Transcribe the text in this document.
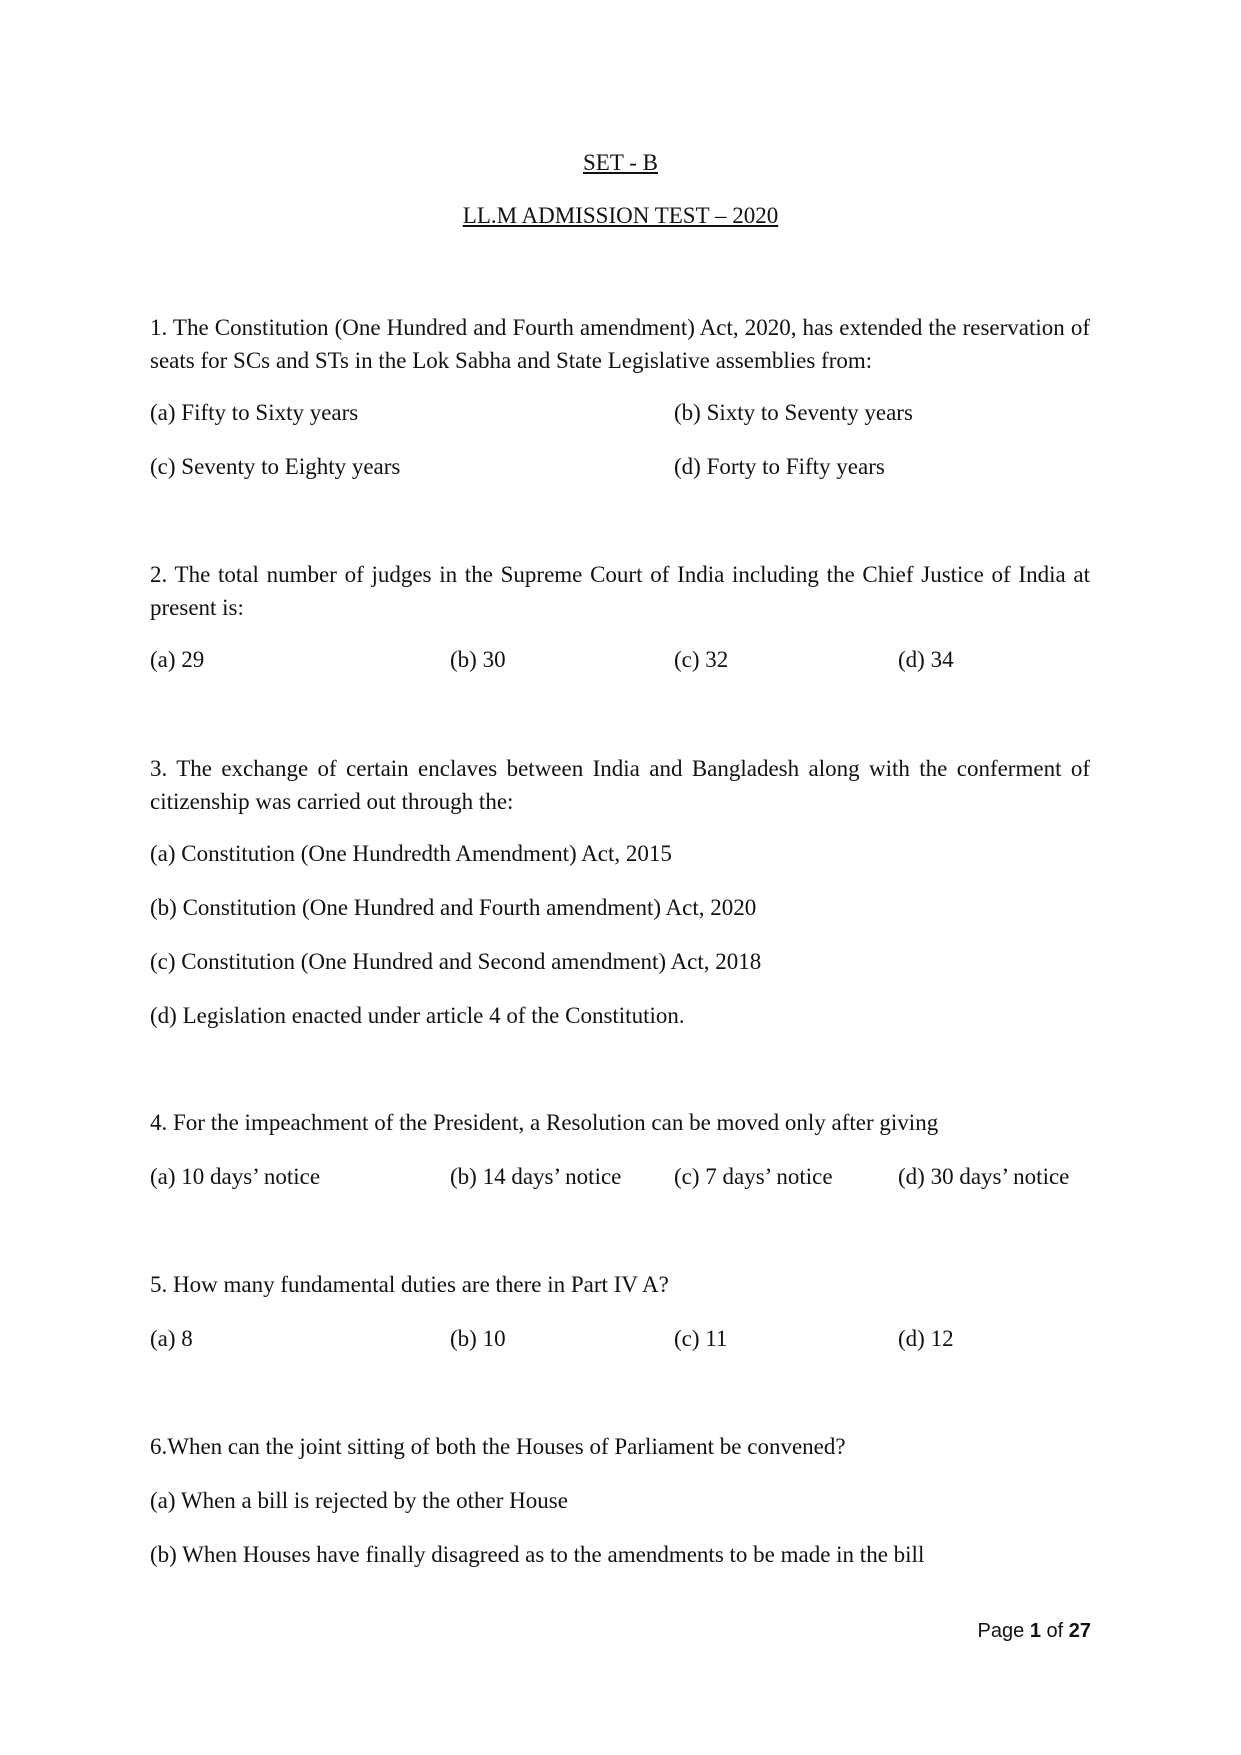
SET - B
LL.M ADMISSION TEST – 2020
1. The Constitution (One Hundred and Fourth amendment) Act, 2020, has extended the reservation of seats for SCs and STs in the Lok Sabha and State Legislative assemblies from:
(a) Fifty to Sixty years	(b) Sixty to Seventy years
(c) Seventy to Eighty years	(d) Forty to Fifty years
2. The total number of judges in the Supreme Court of India including the Chief Justice of India at present is:
(a) 29	(b) 30	(c) 32	(d) 34
3. The exchange of certain enclaves between India and Bangladesh along with the conferment of citizenship was carried out through the:
(a) Constitution (One Hundredth Amendment) Act, 2015
(b) Constitution (One Hundred and Fourth amendment) Act, 2020
(c) Constitution (One Hundred and Second amendment) Act, 2018
(d) Legislation enacted under article 4 of the Constitution.
4. For the impeachment of the President, a Resolution can be moved only after giving
(a) 10 days’ notice	(b) 14 days’ notice (c) 7 days’ notice	(d) 30 days’ notice
5. How many fundamental duties are there in Part IV A?
(a) 8	(b) 10	(c) 11	(d) 12
6.When can the joint sitting of both the Houses of Parliament be convened?
(a) When a bill is rejected by the other House
(b) When Houses have finally disagreed as to the amendments to be made in the bill
Page 1 of 27
